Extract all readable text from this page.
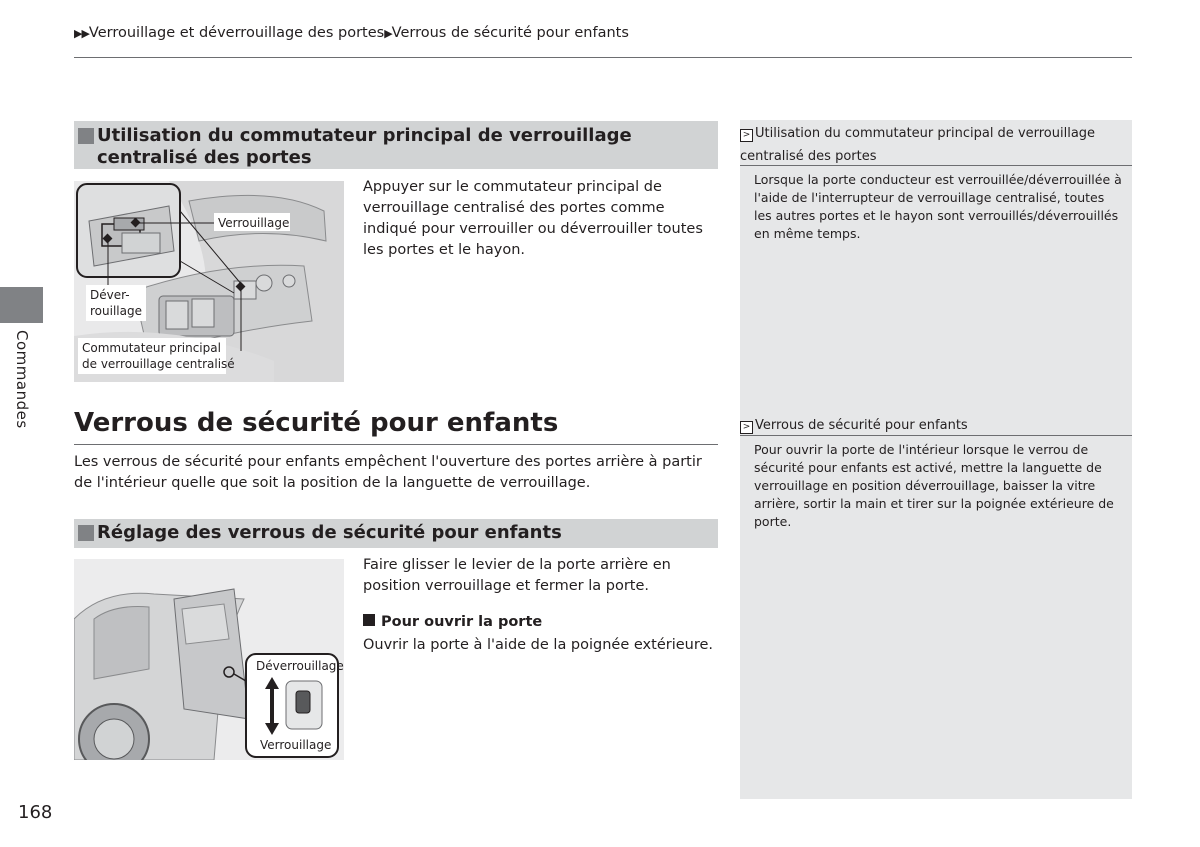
▶▶Verrouillage et déverrouillage des portes▶Verrous de sécurité pour enfants
Commandes
Utilisation du commutateur principal de verrouillage centralisé des portes
Verrouillage
Déver-
rouillage
Commutateur principal
de verrouillage centralisé
Appuyer sur le commutateur principal de verrouillage centralisé des portes comme indiqué pour verrouiller ou déverrouiller toutes les portes et le hayon.
Verrous de sécurité pour enfants
Les verrous de sécurité pour enfants empêchent l'ouverture des portes arrière à partir de l'intérieur quelle que soit la position de la languette de verrouillage.
Réglage des verrous de sécurité pour enfants
Déverrouillage
Verrouillage
Faire glisser le levier de la porte arrière en position verrouillage et fermer la porte.
Pour ouvrir la porte
Ouvrir la porte à l'aide de la poignée extérieure.
> Utilisation du commutateur principal de verrouillage centralisé des portes
Lorsque la porte conducteur est verrouillée/déverrouillée à l'aide de l'interrupteur de verrouillage centralisé, toutes les autres portes et le hayon sont verrouillés/déverrouillés en même temps.
> Verrous de sécurité pour enfants
Pour ouvrir la porte de l'intérieur lorsque le verrou de sécurité pour enfants est activé, mettre la languette de verrouillage en position déverrouillage, baisser la vitre arrière, sortir la main et tirer sur la poignée extérieure de porte.
168
